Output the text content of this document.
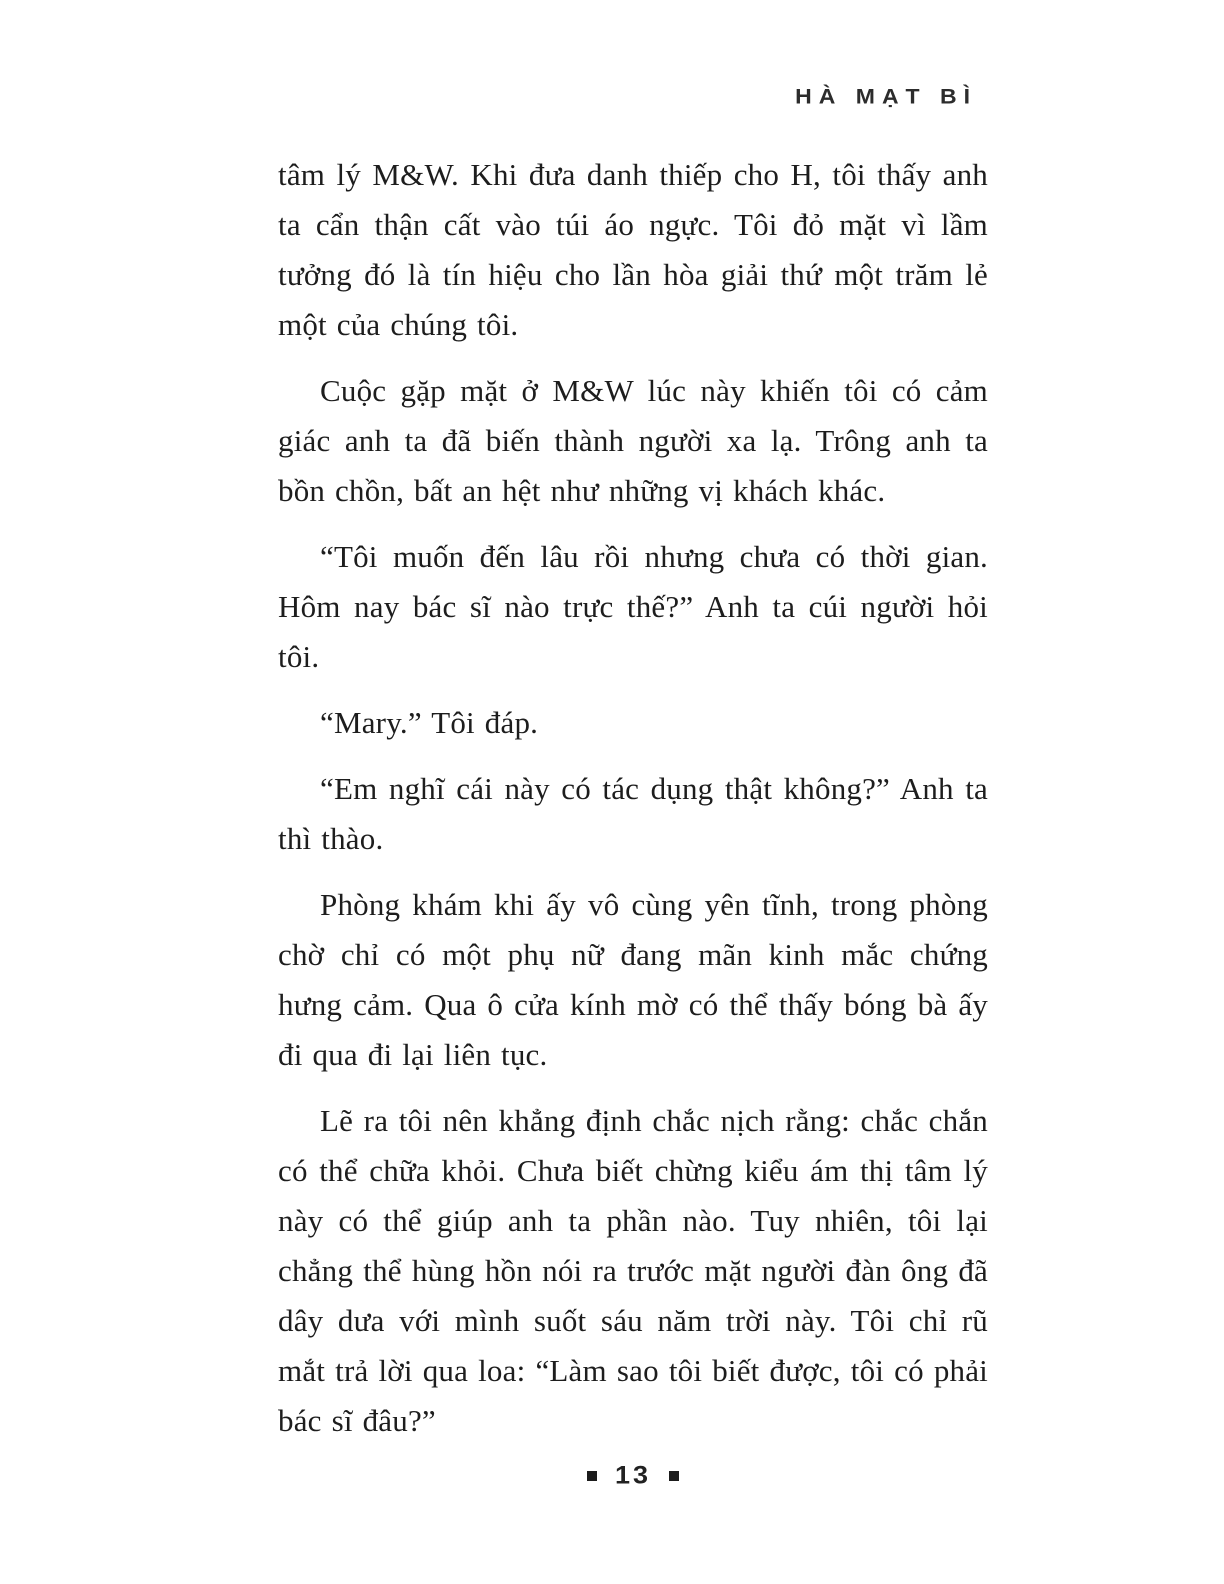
HÀ MẠT BÌ

tâm lý M&W. Khi đưa danh thiếp cho H, tôi thấy anh ta cẩn thận cất vào túi áo ngực. Tôi đỏ mặt vì lầm tưởng đó là tín hiệu cho lần hòa giải thứ một trăm lẻ một của chúng tôi.

Cuộc gặp mặt ở M&W lúc này khiến tôi có cảm giác anh ta đã biến thành người xa lạ. Trông anh ta bồn chồn, bất an hệt như những vị khách khác.

“Tôi muốn đến lâu rồi nhưng chưa có thời gian. Hôm nay bác sĩ nào trực thế?” Anh ta cúi người hỏi tôi.

“Mary.” Tôi đáp.

“Em nghĩ cái này có tác dụng thật không?” Anh ta thì thào.

Phòng khám khi ấy vô cùng yên tĩnh, trong phòng chờ chỉ có một phụ nữ đang mãn kinh mắc chứng hưng cảm. Qua ô cửa kính mờ có thể thấy bóng bà ấy đi qua đi lại liên tục.

Lẽ ra tôi nên khẳng định chắc nịch rằng: chắc chắn có thể chữa khỏi. Chưa biết chừng kiểu ám thị tâm lý này có thể giúp anh ta phần nào. Tuy nhiên, tôi lại chẳng thể hùng hồn nói ra trước mặt người đàn ông đã dây dưa với mình suốt sáu năm trời này. Tôi chỉ rũ mắt trả lời qua loa: “Làm sao tôi biết được, tôi có phải bác sĩ đâu?”

13
